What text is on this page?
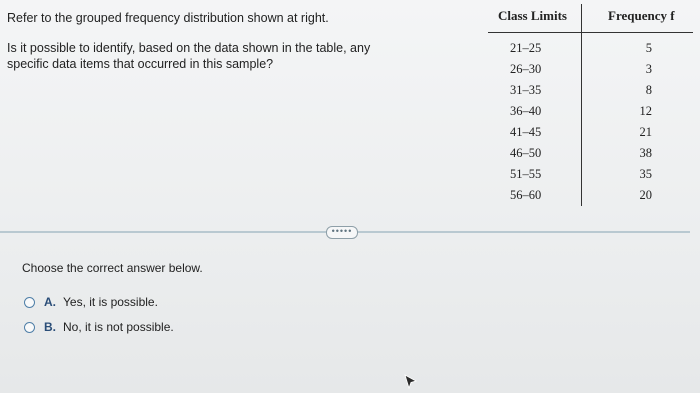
Refer to the grouped frequency distribution shown at right.
Is it possible to identify, based on the data shown in the table, any specific data items that occurred in this sample?
Class Limits	Frequency f
21–25	5
26–30	3
31–35	8
36–40	12
41–45	21
46–50	38
51–55	35
56–60	20
•••••
Choose the correct answer below.
A. Yes, it is possible.
B. No, it is not possible.
